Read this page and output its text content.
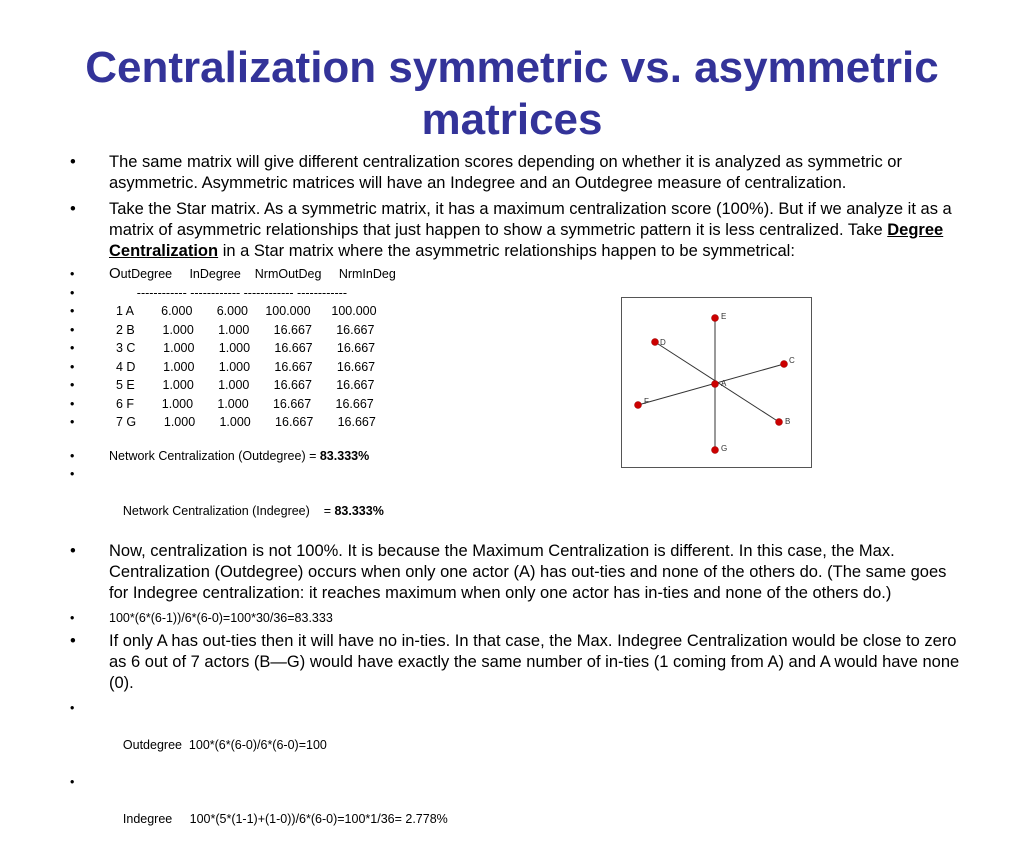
Centralization symmetric vs. asymmetric matrices
• The same matrix will give different centralization scores depending on whether it is analyzed as symmetric or asymmetric. Asymmetric matrices will have an Indegree and an Outdegree measure of centralization.
• Take the Star matrix. As a symmetric matrix, it has a maximum centralization score (100%). But if we analyze it as a matrix of asymmetric relationships that just happen to show a symmetric pattern it is less centralized. Take Degree Centralization in a Star matrix where the asymmetric relationships happen to be symmetrical:
• OutDegree     InDegree    NrmOutDeg     NrmInDeg
•	------------ ------------ ------------ ------------
•	1 A        6.000       6.000     100.000      100.000
•	2 B        1.000       1.000       16.667       16.667
•	3 C        1.000       1.000       16.667       16.667
•	4 D        1.000       1.000       16.667       16.667
•	5 E        1.000       1.000       16.667       16.667
•	6 F        1.000       1.000       16.667       16.667
•	7 G        1.000       1.000       16.667       16.667
•	Network Centralization (Outdegree) = 83.333%

•

Network Centralization (Indegree)    = 83.333%

• Now, centralization is not 100%. It is because the Maximum Centralization is different. In this case, the Max. Centralization (Outdegree) occurs when only one actor (A) has out-ties and none of the others do. (The same goes for Indegree centralization: it reaches maximum when only one actor has in-ties and none of the others do.)
•	100*(6*(6-1))/6*(6-0)=100*30/36=83.333
• If only A has out-ties then it will have no in-ties. In that case, the Max. Indegree Centralization would be close to zero as 6 out of 7 actors (B—G) would have exactly the same number of in-ties (1 coming from A) and A would have none (0).

•

Outdegree  100*(6*(6-0)/6*(6-0)=100

•

Indegree     100*(5*(1-1)+(1-0))/6*(6-0)=100*1/36= 2.778%

A
B
C
D
E
F
G
